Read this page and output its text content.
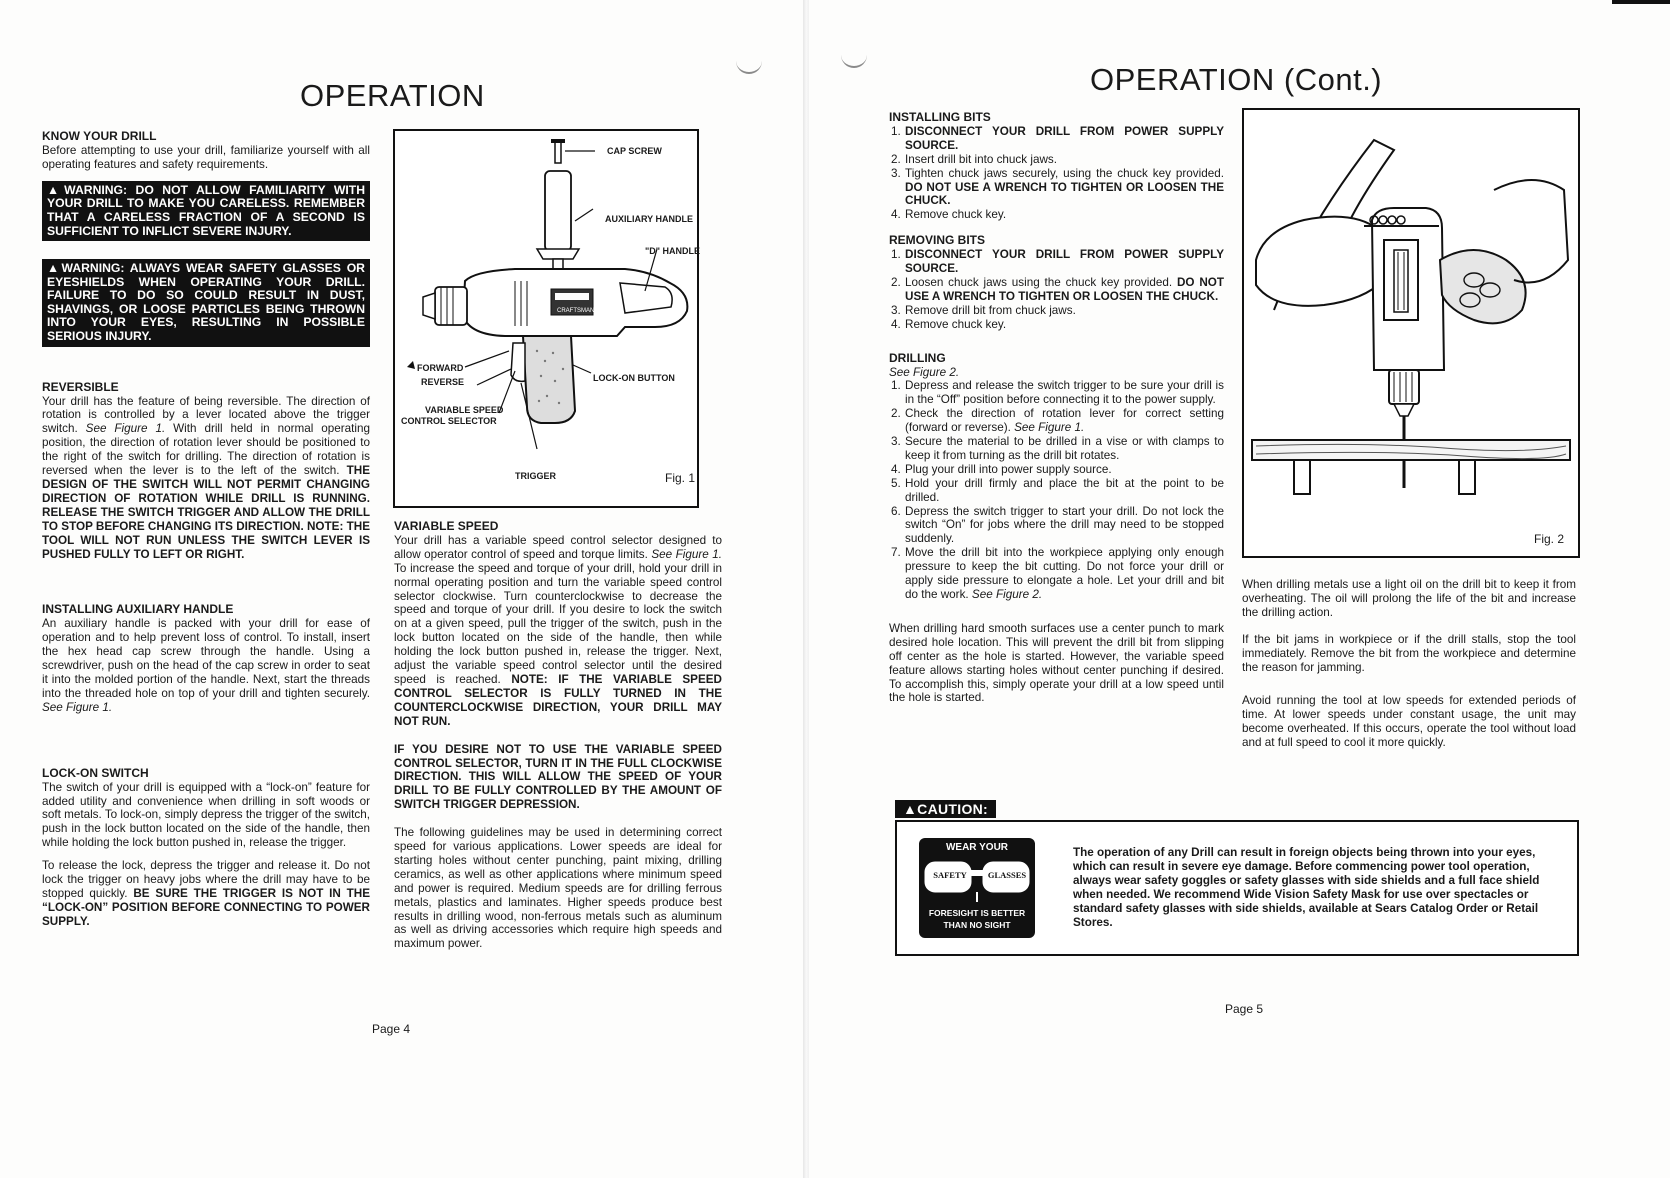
OPERATION
KNOW YOUR DRILL

Before attempting to use your drill, familiarize yourself with all operating features and safety requirements.

▲WARNING: DO NOT ALLOW FAMILIARITY WITH YOUR DRILL TO MAKE YOU CARELESS. REMEMBER THAT A CARELESS FRACTION OF A SECOND IS SUFFICIENT TO INFLICT SEVERE INJURY.
▲WARNING: ALWAYS WEAR SAFETY GLASSES OR EYESHIELDS WHEN OPERATING YOUR DRILL. FAILURE TO DO SO COULD RESULT IN DUST, SHAVINGS, OR LOOSE PARTICLES BEING THROWN INTO YOUR EYES, RESULTING IN POSSIBLE SERIOUS INJURY.
REVERSIBLE

Your drill has the feature of being reversible. The direction of rotation is controlled by a lever located above the trigger switch. See Figure 1. With drill held in normal operating position, the direction of rotation lever should be positioned to the right of the switch for drilling. The direction of rotation is reversed when the lever is to the left of the switch. THE DESIGN OF THE SWITCH WILL NOT PERMIT CHANGING DIRECTION OF ROTATION WHILE DRILL IS RUNNING. RELEASE THE SWITCH TRIGGER AND ALLOW THE DRILL TO STOP BEFORE CHANGING ITS DIRECTION. NOTE: THE TOOL WILL NOT RUN UNLESS THE SWITCH LEVER IS PUSHED FULLY TO LEFT OR RIGHT.

INSTALLING AUXILIARY HANDLE

An auxiliary handle is packed with your drill for ease of operation and to help prevent loss of control. To install, insert the hex head cap screw through the handle. Using a screwdriver, push on the head of the cap screw in order to seat it into the molded portion of the handle. Next, start the threads into the threaded hole on top of your drill and tighten securely. See Figure 1.

LOCK-ON SWITCH

The switch of your drill is equipped with a “lock-on” feature for added utility and convenience when drilling in soft woods or soft metals. To lock-on, simply depress the trigger of the switch, push in the lock button located on the side of the handle, then while holding the lock button pushed in, release the trigger.

To release the lock, depress the trigger and release it. Do not lock the trigger on heavy jobs where the drill may have to be stopped quickly. BE SURE THE TRIGGER IS NOT IN THE “LOCK-ON” POSITION BEFORE CONNECTING TO POWER SUPPLY.

CRAFTSMAN
CAP SCREW
AUXILIARY HANDLE
"D" HANDLE
FORWARD
REVERSE	LOCK-ON BUTTON
VARIABLE SPEED
CONTROL SELECTOR
TRIGGER	Fig. 1
VARIABLE SPEED

Your drill has a variable speed control selector designed to allow operator control of speed and torque limits. See Figure 1. To increase the speed and torque of your drill, hold your drill in normal operating position and turn the variable speed control selector clockwise. Turn counterclockwise to decrease the speed and torque of your drill. If you desire to lock the switch on at a given speed, pull the trigger of the switch, push in the lock button located on the side of the handle, then while holding the lock button pushed in, release the trigger. Next, adjust the variable speed control selector until the desired speed is reached. NOTE: IF THE VARIABLE SPEED CONTROL SELECTOR IS FULLY TURNED IN THE COUNTERCLOCKWISE DIRECTION, YOUR DRILL MAY NOT RUN.

IF YOU DESIRE NOT TO USE THE VARIABLE SPEED CONTROL SELECTOR, TURN IT IN THE FULL CLOCKWISE DIRECTION. THIS WILL ALLOW THE SPEED OF YOUR DRILL TO BE FULLY CONTROLLED BY THE AMOUNT OF SWITCH TRIGGER DEPRESSION.

The following guidelines may be used in determining correct speed for various applications. Lower speeds are ideal for starting holes without center punching, paint mixing, drilling ceramics, as well as other applications where minimum speed and power is required. Medium speeds are for drilling ferrous metals, plastics and laminates. Higher speeds produce best results in drilling wood, non-ferrous metals such as aluminum as well as driving accessories which require high speeds and maximum power.

Page 4
OPERATION (Cont.)
INSTALLING BITS
1. DISCONNECT YOUR DRILL FROM POWER SUPPLY SOURCE.
2. Insert drill bit into chuck jaws.
3. Tighten chuck jaws securely, using the chuck key provided. DO NOT USE A WRENCH TO TIGHTEN OR LOOSEN THE CHUCK.
4. Remove chuck key.
REMOVING BITS
1. DISCONNECT YOUR DRILL FROM POWER SUPPLY SOURCE.
2. Loosen chuck jaws using the chuck key provided. DO NOT USE A WRENCH TO TIGHTEN OR LOOSEN THE CHUCK.
3. Remove drill bit from chuck jaws.
4. Remove chuck key.
DRILLING
See Figure 2.
1. Depress and release the switch trigger to be sure your drill is in the “Off” position before connecting it to the power supply.
2. Check the direction of rotation lever for correct setting (forward or reverse). See Figure 1.
3. Secure the material to be drilled in a vise or with clamps to keep it from turning as the drill bit rotates.
4. Plug your drill into power supply source.
5. Hold your drill firmly and place the bit at the point to be drilled.
6. Depress the switch trigger to start your drill. Do not lock the switch “On” for jobs where the drill may need to be stopped suddenly.
7. Move the drill bit into the workpiece applying only enough pressure to keep the bit cutting. Do not force your drill or apply side pressure to elongate a hole. Let your drill and bit do the work. See Figure 2.

When drilling hard smooth surfaces use a center punch to mark desired hole location. This will prevent the drill bit from slipping off center as the hole is started. However, the variable speed feature allows starting holes without center punching if desired. To accomplish this, simply operate your drill at a low speed until the hole is started.

Fig. 2

When drilling metals use a light oil on the drill bit to keep it from overheating. The oil will prolong the life of the bit and increase the drilling action.

If the bit jams in workpiece or if the drill stalls, stop the tool immediately. Remove the bit from the workpiece and determine the reason for jamming.

Avoid running the tool at low speeds for extended periods of time. At lower speeds under constant usage, the unit may become overheated. If this occurs, operate the tool without load and at full speed to cool it more quickly.

▲CAUTION:
WEAR YOUR
SAFETY GLASSES
FORESIGHT IS BETTER
THAN NO SIGHT
The operation of any Drill can result in foreign objects being thrown into your eyes, which can result in severe eye damage. Before commencing power tool operation, always wear safety goggles or safety glasses with side shields and a full face shield when needed. We recommend Wide Vision Safety Mask for use over spectacles or standard safety glasses with side shields, available at Sears Catalog Order or Retail Stores.
Page 5
